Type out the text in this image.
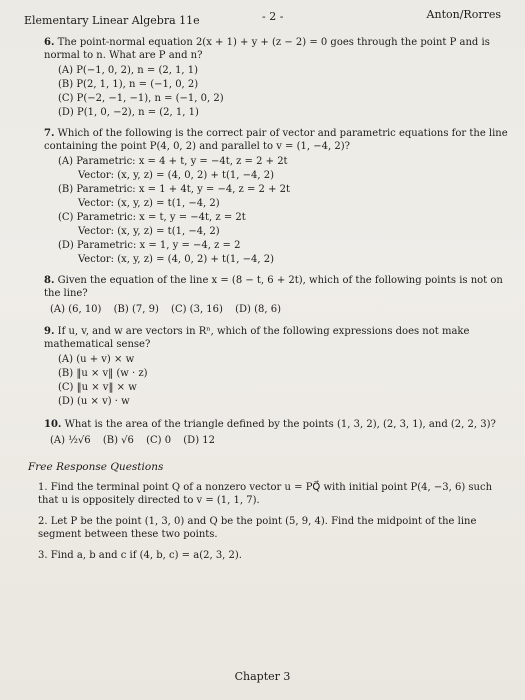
Elementary Linear Algebra 11e	- 2 -	Anton/Rorres
6. The point-normal equation 2(x + 1) + y + (z − 2) = 0 goes through the point P and is normal to n. What are P and n?
(A) P(−1, 0, 2), n = (2, 1, 1)
(B) P(2, 1, 1), n = (−1, 0, 2)
(C) P(−2, −1, −1), n = (−1, 0, 2)
(D) P(1, 0, −2), n = (2, 1, 1)
7. Which of the following is the correct pair of vector and parametric equations for the line containing the point P(4, 0, 2) and parallel to v = (1, −4, 2)?
(A) Parametric: x = 4 + t, y = −4t, z = 2 + 2t
Vector: (x, y, z) = (4, 0, 2) + t(1, −4, 2)
(B) Parametric: x = 1 + 4t, y = −4, z = 2 + 2t
Vector: (x, y, z) = t(1, −4, 2)
(C) Parametric: x = t, y = −4t, z = 2t
Vector: (x, y, z) = t(1, −4, 2)
(D) Parametric: x = 1, y = −4, z = 2
Vector: (x, y, z) = (4, 0, 2) + t(1, −4, 2)
8. Given the equation of the line x = (8 − t, 6 + 2t), which of the following points is not on the line?
(A) (6, 10) (B) (7, 9) (C) (3, 16) (D) (8, 6)
9. If u, v, and w are vectors in Rⁿ, which of the following expressions does not make mathematical sense?
(A) (u + v) × w
(B) ‖u × v‖ (w · z)
(C) ‖u × v‖ × w
(D) (u × v) · w
10. What is the area of the triangle defined by the points (1, 3, 2), (2, 3, 1), and (2, 2, 3)?
(A) ½√6 (B) √6 (C) 0 (D) 12
Free Response Questions
1. Find the terminal point Q of a nonzero vector u = PQ⃗ with initial point P(4, −3, 6) such that u is oppositely directed to v = (1, 1, 7).
2. Let P be the point (1, 3, 0) and Q be the point (5, 9, 4). Find the midpoint of the line segment between these two points.
3. Find a, b and c if (4, b, c) = a(2, 3, 2).
Chapter 3
